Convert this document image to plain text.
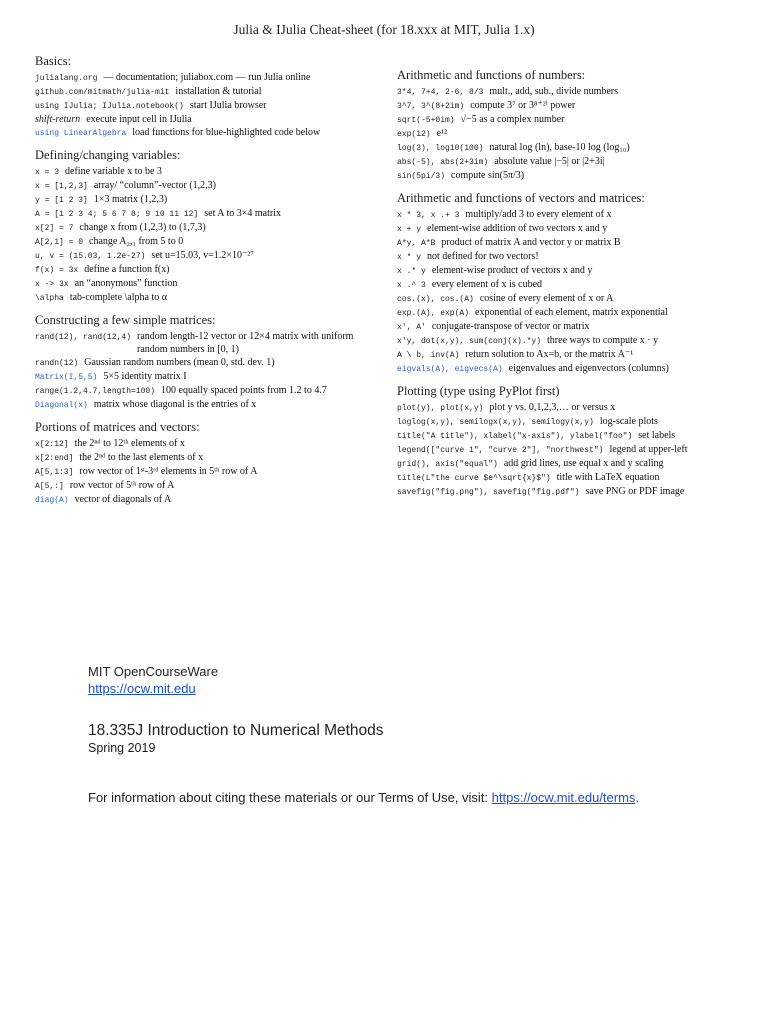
Julia & IJulia Cheat-sheet (for 18.xxx at MIT, Julia 1.x)
Basics:
julialang.org — documentation; juliabox.com — run Julia online
github.com/mitmath/julia-mit installation & tutorial
using IJulia; IJulia.notebook() start IJulia browser
shift-return execute input cell in IJulia
using LinearAlgebra load functions for blue-highlighted code below
Defining/changing variables:
x = 3 define variable x to be 3
x = [1,2,3] array/ “column”-vector (1,2,3)
y = [1 2 3] 1×3 matrix (1,2,3)
A = [1 2 3 4; 5 6 7 8; 9 10 11 12] set A to 3×4 matrix
x[2] = 7 change x from (1,2,3) to (1,7,3)
A[2,1] = 0 change A₂,₁ from 5 to 0
u, v = (15.03, 1.2e-27) set u=15.03, v=1.2×10⁻²⁷
f(x) = 3x define a function f(x)
x -> 3x an “anonymous” function
\alpha tab-complete \alpha to α
Constructing a few simple matrices:
rand(12), rand(12,4) random length-12 vector or 12×4 matrix with uniform random numbers in [0, 1)
randn(12) Gaussian random numbers (mean 0, std. dev. 1)
Matrix(I,5,5) 5×5 identity matrix I
range(1.2,4.7,length=100) 100 equally spaced points from 1.2 to 4.7
Diagonal(x) matrix whose diagonal is the entries of x
Portions of matrices and vectors:
x[2:12] the 2ⁿᵈ to 12ᵗʰ elements of x
x[2:end] the 2ⁿᵈ to the last elements of x
A[5,1:3] row vector of 1ˢᵗ-3ʳᵈ elements in 5ᵗʰ row of A
A[5,:] row vector of 5ᵗʰ row of A
diag(A) vector of diagonals of A
Arithmetic and functions of numbers:
3*4, 7+4, 2-6, 8/3 mult., add, sub., divide numbers
3^7, 3^(8+2im) compute 3⁷ or 3⁸⁺²ⁱ power
sqrt(-5+0im) √−5 as a complex number
exp(12) e¹²
log(3), log10(100) natural log (ln), base-10 log (log₁₀)
abs(-5), abs(2+3im) absolute value |−5| or |2+3i|
sin(5pi/3) compute sin(5π/3)
Arithmetic and functions of vectors and matrices:
x * 3, x .+ 3 multiply/add 3 to every element of x
x + y element-wise addition of two vectors x and y
A*y, A*B product of matrix A and vector y or matrix B
x * y not defined for two vectors!
x .* y element-wise product of vectors x and y
x .^ 3 every element of x is cubed
cos.(x), cos.(A) cosine of every element of x or A
exp.(A), exp(A) exponential of each element, matrix exponential
x', A' conjugate-transpose of vector or matrix
x'y, dot(x,y), sum(conj(x).*y) three ways to compute x · y
A \ b, inv(A) return solution to Ax=b, or the matrix A⁻¹
eigvals(A), eigvecs(A) eigenvalues and eigenvectors (columns)
Plotting (type using PyPlot first)
plot(y), plot(x,y) plot y vs. 0,1,2,3,… or versus x
loglog(x,y), semilogx(x,y), semilogy(x,y) log-scale plots
title("A title"), xlabel("x-axis"), ylabel("foo") set labels
legend(["curve 1", "curve 2"], "northwest") legend at upper-left
grid(), axis("equal") add grid lines, use equal x and y scaling
title(L"the curve $e^\sqrt{x}$") title with LaTeX equation
savefig("fig.png"), savefig("fig.pdf") save PNG or PDF image
MIT OpenCourseWare
https://ocw.mit.edu
18.335J Introduction to Numerical Methods
Spring 2019
For information about citing these materials or our Terms of Use, visit: https://ocw.mit.edu/terms.
